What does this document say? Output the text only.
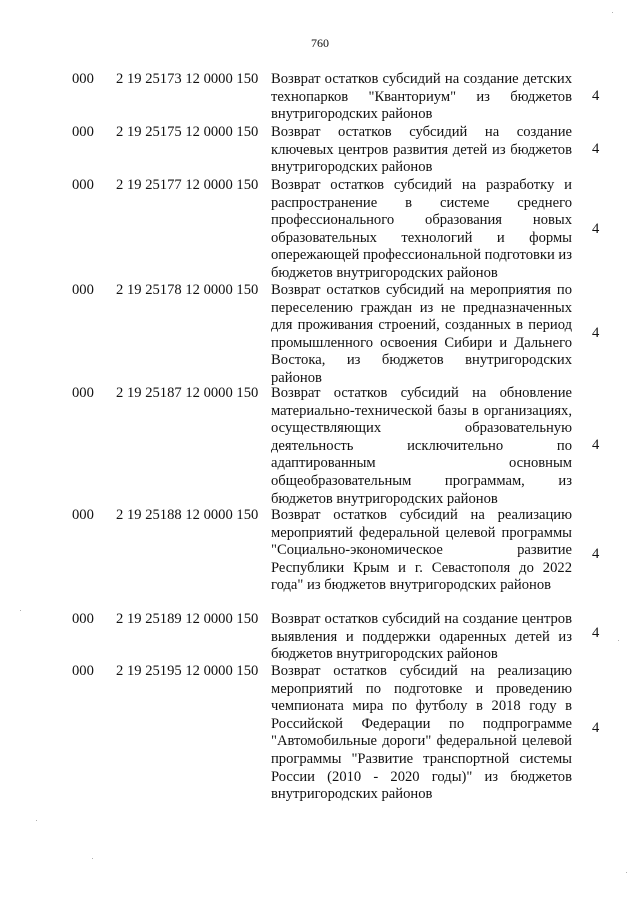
760
000 2 19 25173 12 0000 150 Возврат остатков субсидий на создание детских технопарков "Кванториум" из бюджетов внутригородских районов
4
000 2 19 25175 12 0000 150 Возврат остатков субсидий на создание ключевых центров развития детей из бюджетов внутригородских районов
4
000 2 19 25177 12 0000 150 Возврат остатков субсидий на разработку и распространение в системе среднего профессионального образования новых образовательных технологий и формы опережающей профессиональной подготовки из бюджетов внутригородских районов
4
000 2 19 25178 12 0000 150 Возврат остатков субсидий на мероприятия по переселению граждан из не предназначенных для проживания строений, созданных в период промышленного освоения Сибири и Дальнего Востока, из бюджетов внутригородских районов
4
000 2 19 25187 12 0000 150 Возврат остатков субсидий на обновление материально-технической базы в организациях, осуществляющих образовательную деятельность исключительно по адаптированным основным общеобразовательным программам, из бюджетов внутригородских районов
4
000 2 19 25188 12 0000 150 Возврат остатков субсидий на реализацию мероприятий федеральной целевой программы "Социально-экономическое развитие Республики Крым и г. Севастополя до 2022 года" из бюджетов внутригородских районов
4
000 2 19 25189 12 0000 150 Возврат остатков субсидий на создание центров выявления и поддержки одаренных детей из бюджетов внутригородских районов
4
000 2 19 25195 12 0000 150 Возврат остатков субсидий на реализацию мероприятий по подготовке и проведению чемпионата мира по футболу в 2018 году в Российской Федерации по подпрограмме "Автомобильные дороги" федеральной целевой программы "Развитие транспортной системы России (2010 - 2020 годы)" из бюджетов внутригородских районов
4
